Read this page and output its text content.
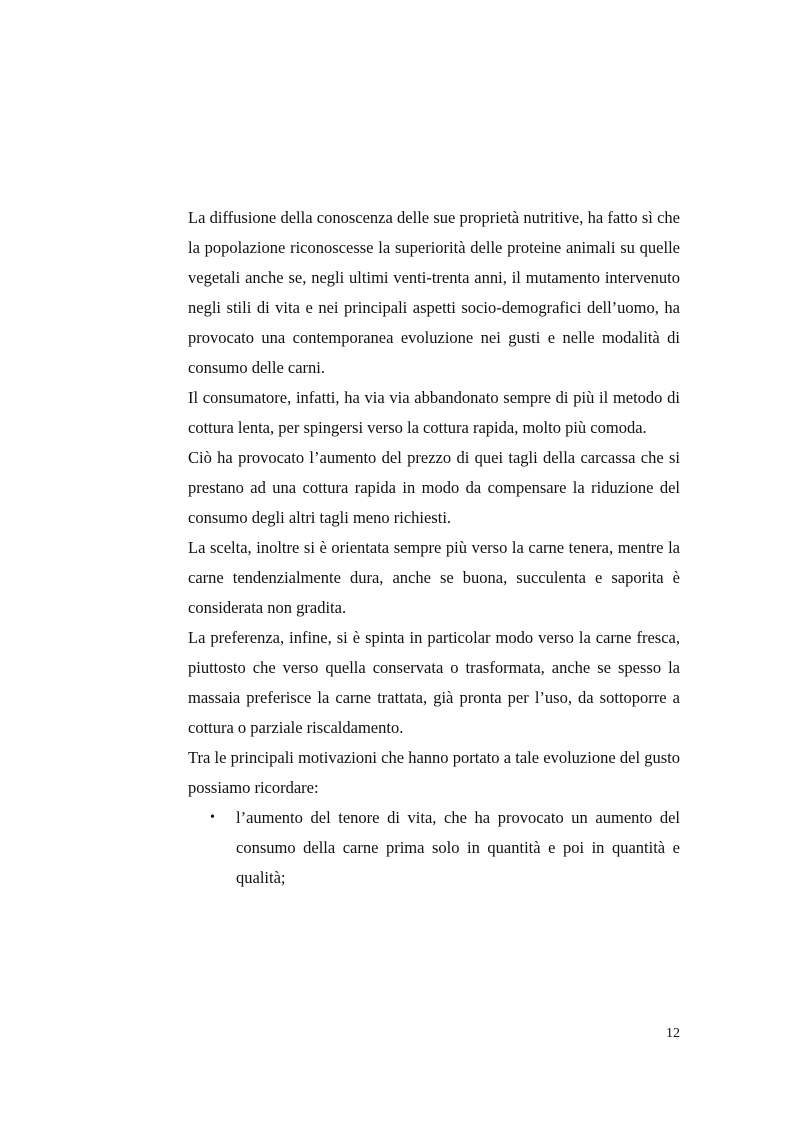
La diffusione della conoscenza delle sue proprietà nutritive, ha fatto sì che la popolazione riconoscesse la superiorità delle proteine animali su quelle vegetali anche se, negli ultimi venti-trenta anni, il mutamento intervenuto negli stili di vita e nei principali aspetti socio-demografici dell’uomo, ha provocato una contemporanea evoluzione nei gusti e nelle modalità di consumo delle carni.

Il consumatore, infatti, ha via via abbandonato sempre di più il metodo di cottura lenta, per spingersi verso la cottura rapida, molto più comoda.

Ciò ha provocato l’aumento del prezzo di quei tagli della carcassa che si prestano ad una cottura rapida in modo da compensare la riduzione del consumo degli altri tagli meno richiesti.

La scelta, inoltre si è orientata sempre più verso la carne tenera, mentre la carne tendenzialmente dura, anche se buona, succulenta e saporita è considerata non gradita.

La preferenza, infine, si è spinta in particolar modo verso la carne fresca, piuttosto che verso quella conservata o trasformata, anche se spesso la massaia preferisce la carne trattata, già pronta per l’uso, da sottoporre a cottura o parziale riscaldamento.

Tra le principali motivazioni che hanno portato a tale evoluzione del gusto possiamo ricordare:

• l’aumento del tenore di vita, che ha provocato un aumento del consumo della carne prima solo in quantità e poi in quantità e qualità;
12
